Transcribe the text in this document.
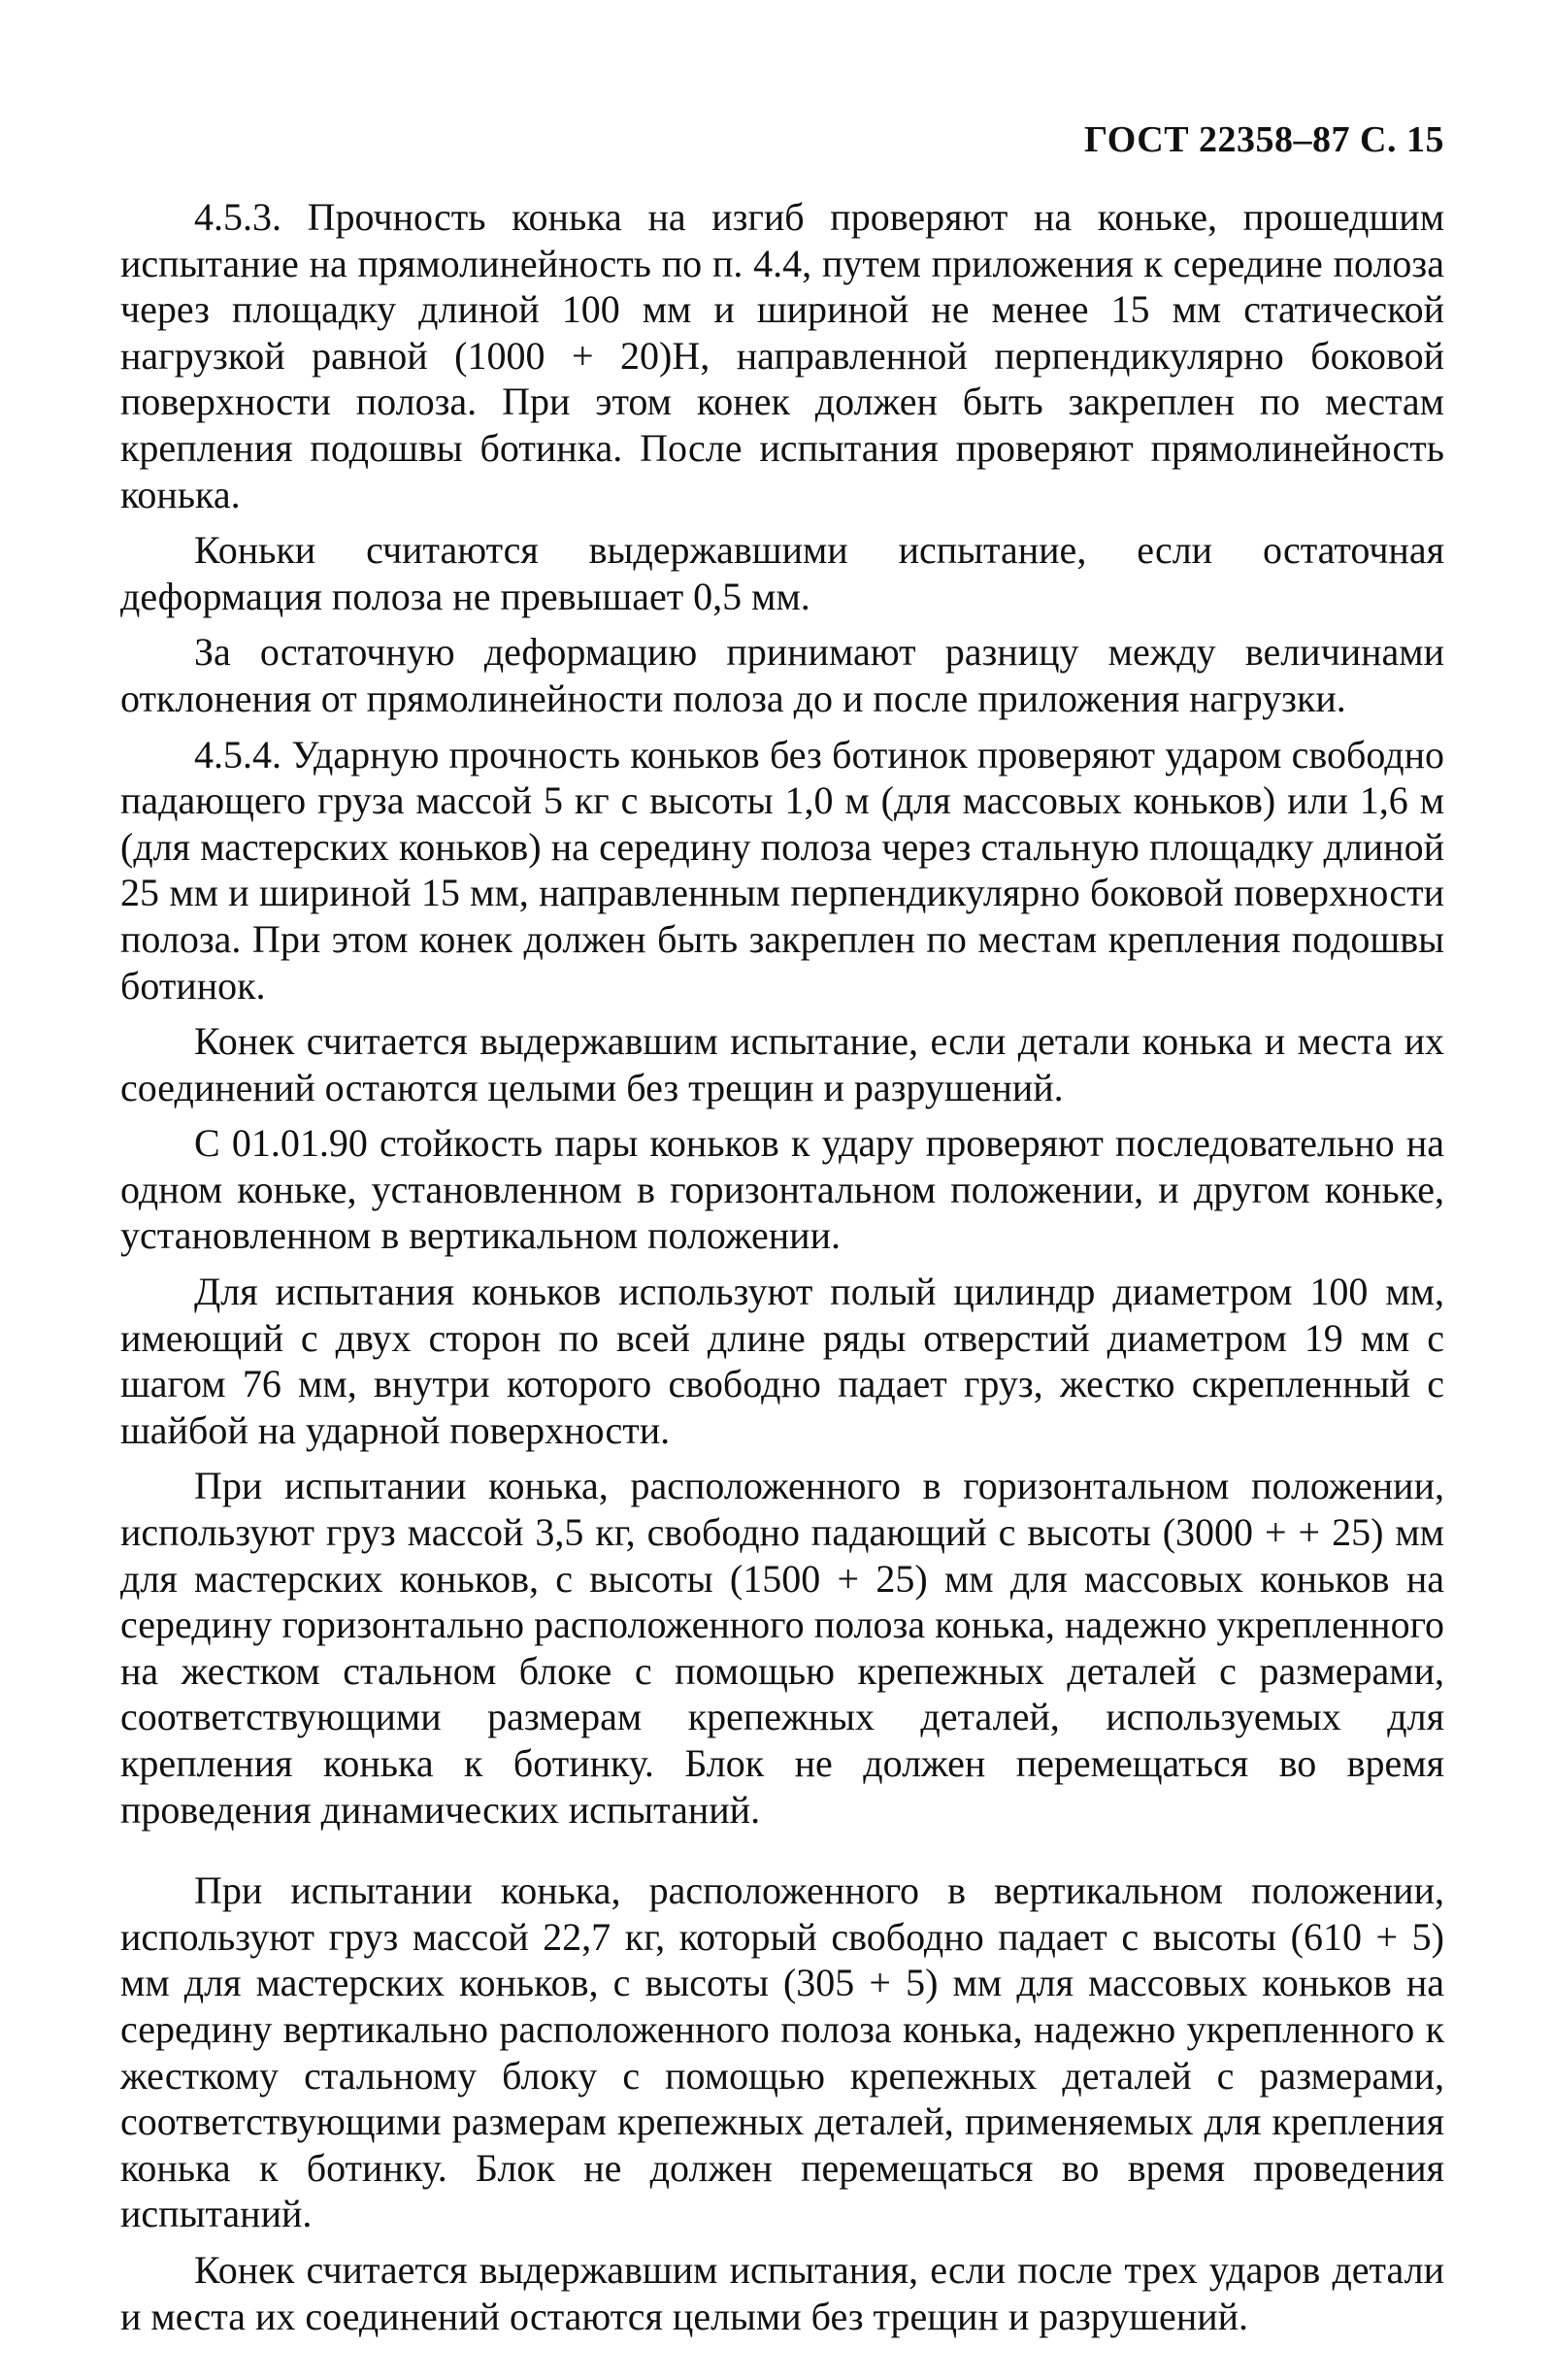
ГОСТ 22358–87 С. 15

4.5.3. Прочность конька на изгиб проверяют на коньке, прошедшим испытание на прямолинейность по п. 4.4, путем приложения к середине полоза через площадку длиной 100 мм и шириной не менее 15 мм статической нагрузкой равной (1000 + 20)Н, направленной перпендикулярно боковой поверхности полоза. При этом конек должен быть закреплен по местам крепления подошвы ботинка. После испытания проверяют прямолинейность конька.

Коньки считаются выдержавшими испытание, если остаточная деформация полоза не превышает 0,5 мм.

За остаточную деформацию принимают разницу между величинами отклонения от прямолинейности полоза до и после приложения нагрузки.

4.5.4. Ударную прочность коньков без ботинок проверяют ударом свободно падающего груза массой 5 кг с высоты 1,0 м (для массовых коньков) или 1,6 м (для мастерских коньков) на середину полоза через стальную площадку длиной 25 мм и шириной 15 мм, направленным перпендикулярно боковой поверхности полоза. При этом конек должен быть закреплен по местам крепления подошвы ботинок.

Конек считается выдержавшим испытание, если детали конька и места их соединений остаются целыми без трещин и разрушений.

С 01.01.90 стойкость пары коньков к удару проверяют последовательно на одном коньке, установленном в горизонтальном положении, и другом коньке, установленном в вертикальном положении.

Для испытания коньков используют полый цилиндр диаметром 100 мм, имеющий с двух сторон по всей длине ряды отверстий диаметром 19 мм с шагом 76 мм, внутри которого свободно падает груз, жестко скрепленный с шайбой на ударной поверхности.

При испытании конька, расположенного в горизонтальном положении, используют груз массой 3,5 кг, свободно падающий с высоты (3000 + + 25) мм для мастерских коньков, с высоты (1500 + 25) мм для массовых коньков на середину горизонтально расположенного полоза конька, надежно укрепленного на жестком стальном блоке с помощью крепежных деталей с размерами, соответствующими размерам крепежных деталей, используемых для крепления конька к ботинку. Блок не должен перемещаться во время проведения динамических испытаний.

При испытании конька, расположенного в вертикальном положении, используют груз массой 22,7 кг, который свободно падает с высоты (610 + 5) мм для мастерских коньков, с высоты (305 + 5) мм для массовых коньков на середину вертикально расположенного полоза конька, надежно укрепленного к жесткому стальному блоку с помощью крепежных деталей с размерами, соответствующими размерам крепежных деталей, применяемых для крепления конька к ботинку. Блок не должен перемещаться во время проведения испытаний.

Конек считается выдержавшим испытания, если после трех ударов детали и места их соединений остаются целыми без трещин и разрушений.
